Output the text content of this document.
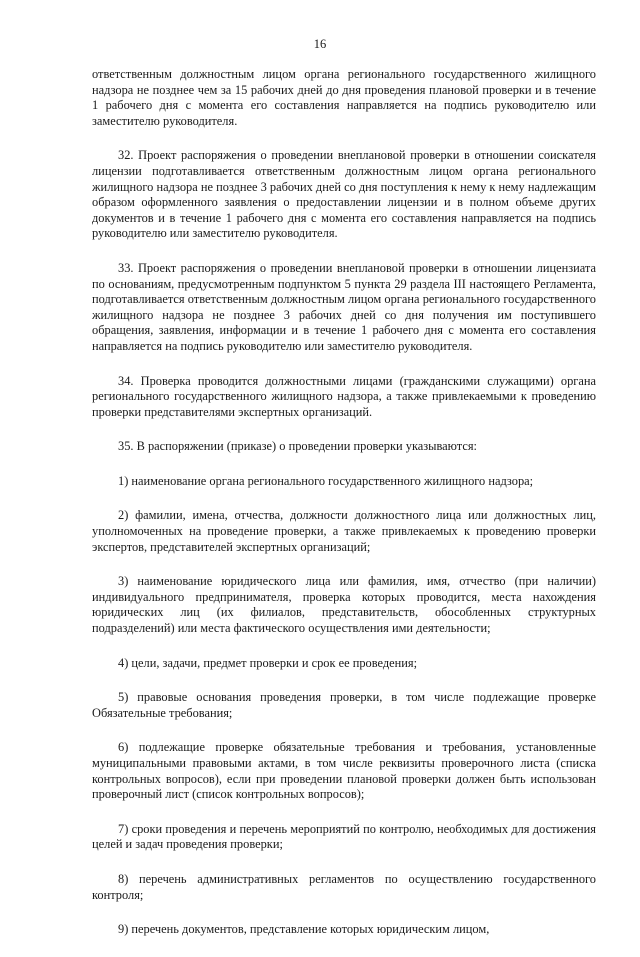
16

ответственным должностным лицом органа регионального государственного жилищного надзора не позднее чем за 15 рабочих дней до дня проведения плановой проверки и в течение 1 рабочего дня с момента его составления направляется на подпись руководителю или заместителю руководителя.

32. Проект распоряжения о проведении внеплановой проверки в отношении соискателя лицензии подготавливается ответственным должностным лицом органа регионального жилищного надзора не позднее 3 рабочих дней со дня поступления к нему к нему надлежащим образом оформленного заявления о предоставлении лицензии и в полном объеме других документов и в течение 1 рабочего дня с момента его составления направляется на подпись руководителю или заместителю руководителя.

33. Проект распоряжения о проведении внеплановой проверки в отношении лицензиата по основаниям, предусмотренным подпунктом 5 пункта 29 раздела III настоящего Регламента, подготавливается ответственным должностным лицом органа регионального государственного жилищного надзора не позднее 3 рабочих дней со дня получения им поступившего обращения, заявления, информации и в течение 1 рабочего дня с момента его составления направляется на подпись руководителю или заместителю руководителя.

34. Проверка проводится должностными лицами (гражданскими служащими) органа регионального государственного жилищного надзора, а также привлекаемыми к проведению проверки представителями экспертных организаций.

35. В распоряжении (приказе) о проведении проверки указываются:

1) наименование органа регионального государственного жилищного надзора;

2) фамилии, имена, отчества, должности должностного лица или должностных лиц, уполномоченных на проведение проверки, а также привлекаемых к проведению проверки экспертов, представителей экспертных организаций;

3) наименование юридического лица или фамилия, имя, отчество (при наличии) индивидуального предпринимателя, проверка которых проводится, места нахождения юридических лиц (их филиалов, представительств, обособленных структурных подразделений) или места фактического осуществления ими деятельности;

4) цели, задачи, предмет проверки и срок ее проведения;

5) правовые основания проведения проверки, в том числе подлежащие проверке Обязательные требования;

6) подлежащие проверке обязательные требования и требования, установленные муниципальными правовыми актами, в том числе реквизиты проверочного листа (списка контрольных вопросов), если при проведении плановой проверки должен быть использован проверочный лист (список контрольных вопросов);

7) сроки проведения и перечень мероприятий по контролю, необходимых для достижения целей и задач проведения проверки;

8) перечень административных регламентов по осуществлению государственного контроля;

9) перечень документов, представление которых юридическим лицом,
